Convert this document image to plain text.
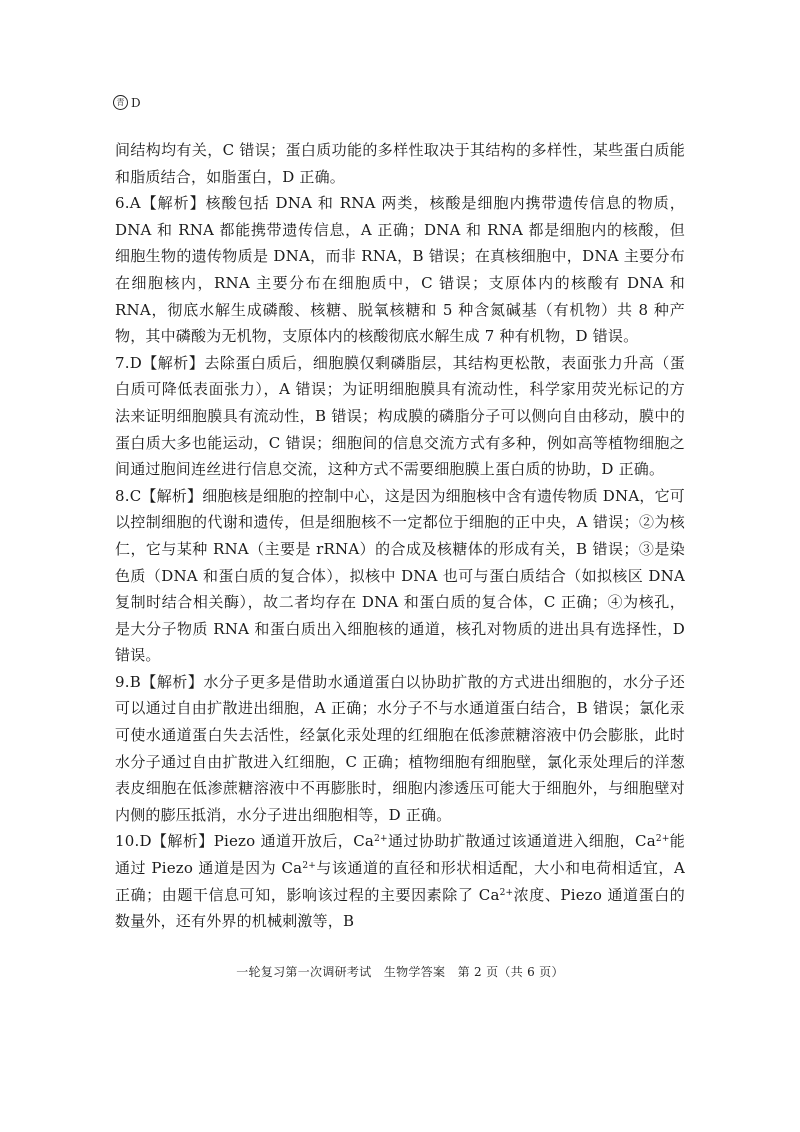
青 D

间结构均有关，C 错误；蛋白质功能的多样性取决于其结构的多样性，某些蛋白质能和脂质结合，如脂蛋白，D 正确。

6.A【解析】核酸包括 DNA 和 RNA 两类，核酸是细胞内携带遗传信息的物质，DNA 和 RNA 都能携带遗传信息，A 正确；DNA 和 RNA 都是细胞内的核酸，但细胞生物的遗传物质是 DNA，而非 RNA，B 错误；在真核细胞中，DNA 主要分布在细胞核内，RNA 主要分布在细胞质中，C 错误；支原体内的核酸有 DNA 和 RNA，彻底水解生成磷酸、核糖、脱氧核糖和 5 种含氮碱基（有机物）共 8 种产物，其中磷酸为无机物，支原体内的核酸彻底水解生成 7 种有机物，D 错误。

7.D【解析】去除蛋白质后，细胞膜仅剩磷脂层，其结构更松散，表面张力升高（蛋白质可降低表面张力），A 错误；为证明细胞膜具有流动性，科学家用荧光标记的方法来证明细胞膜具有流动性，B 错误；构成膜的磷脂分子可以侧向自由移动，膜中的蛋白质大多也能运动，C 错误；细胞间的信息交流方式有多种，例如高等植物细胞之间通过胞间连丝进行信息交流，这种方式不需要细胞膜上蛋白质的协助，D 正确。

8.C【解析】细胞核是细胞的控制中心，这是因为细胞核中含有遗传物质 DNA，它可以控制细胞的代谢和遗传，但是细胞核不一定都位于细胞的正中央，A 错误；②为核仁，它与某种 RNA（主要是 rRNA）的合成及核糖体的形成有关，B 错误；③是染色质（DNA 和蛋白质的复合体），拟核中 DNA 也可与蛋白质结合（如拟核区 DNA 复制时结合相关酶），故二者均存在 DNA 和蛋白质的复合体，C 正确；④为核孔，是大分子物质 RNA 和蛋白质出入细胞核的通道，核孔对物质的进出具有选择性，D 错误。

9.B【解析】水分子更多是借助水通道蛋白以协助扩散的方式进出细胞的，水分子还可以通过自由扩散进出细胞，A 正确；水分子不与水通道蛋白结合，B 错误；氯化汞可使水通道蛋白失去活性，经氯化汞处理的红细胞在低渗蔗糖溶液中仍会膨胀，此时水分子通过自由扩散进入红细胞，C 正确；植物细胞有细胞壁，氯化汞处理后的洋葱表皮细胞在低渗蔗糖溶液中不再膨胀时，细胞内渗透压可能大于细胞外，与细胞壁对内侧的膨压抵消，水分子进出细胞相等，D 正确。

10.D【解析】Piezo 通道开放后，$Ca^{2+}$通过协助扩散通过该通道进入细胞，$Ca^{2+}$能通过 Piezo 通道是因为 $Ca^{2+}$与该通道的直径和形状相适配，大小和电荷相适宜，A 正确；由题干信息可知，影响该过程的主要因素除了 $Ca^{2+}$浓度、Piezo 通道蛋白的数量外，还有外界的机械刺激等，B

一轮复习第一次调研考试　生物学答案　第 2 页（共 6 页）
